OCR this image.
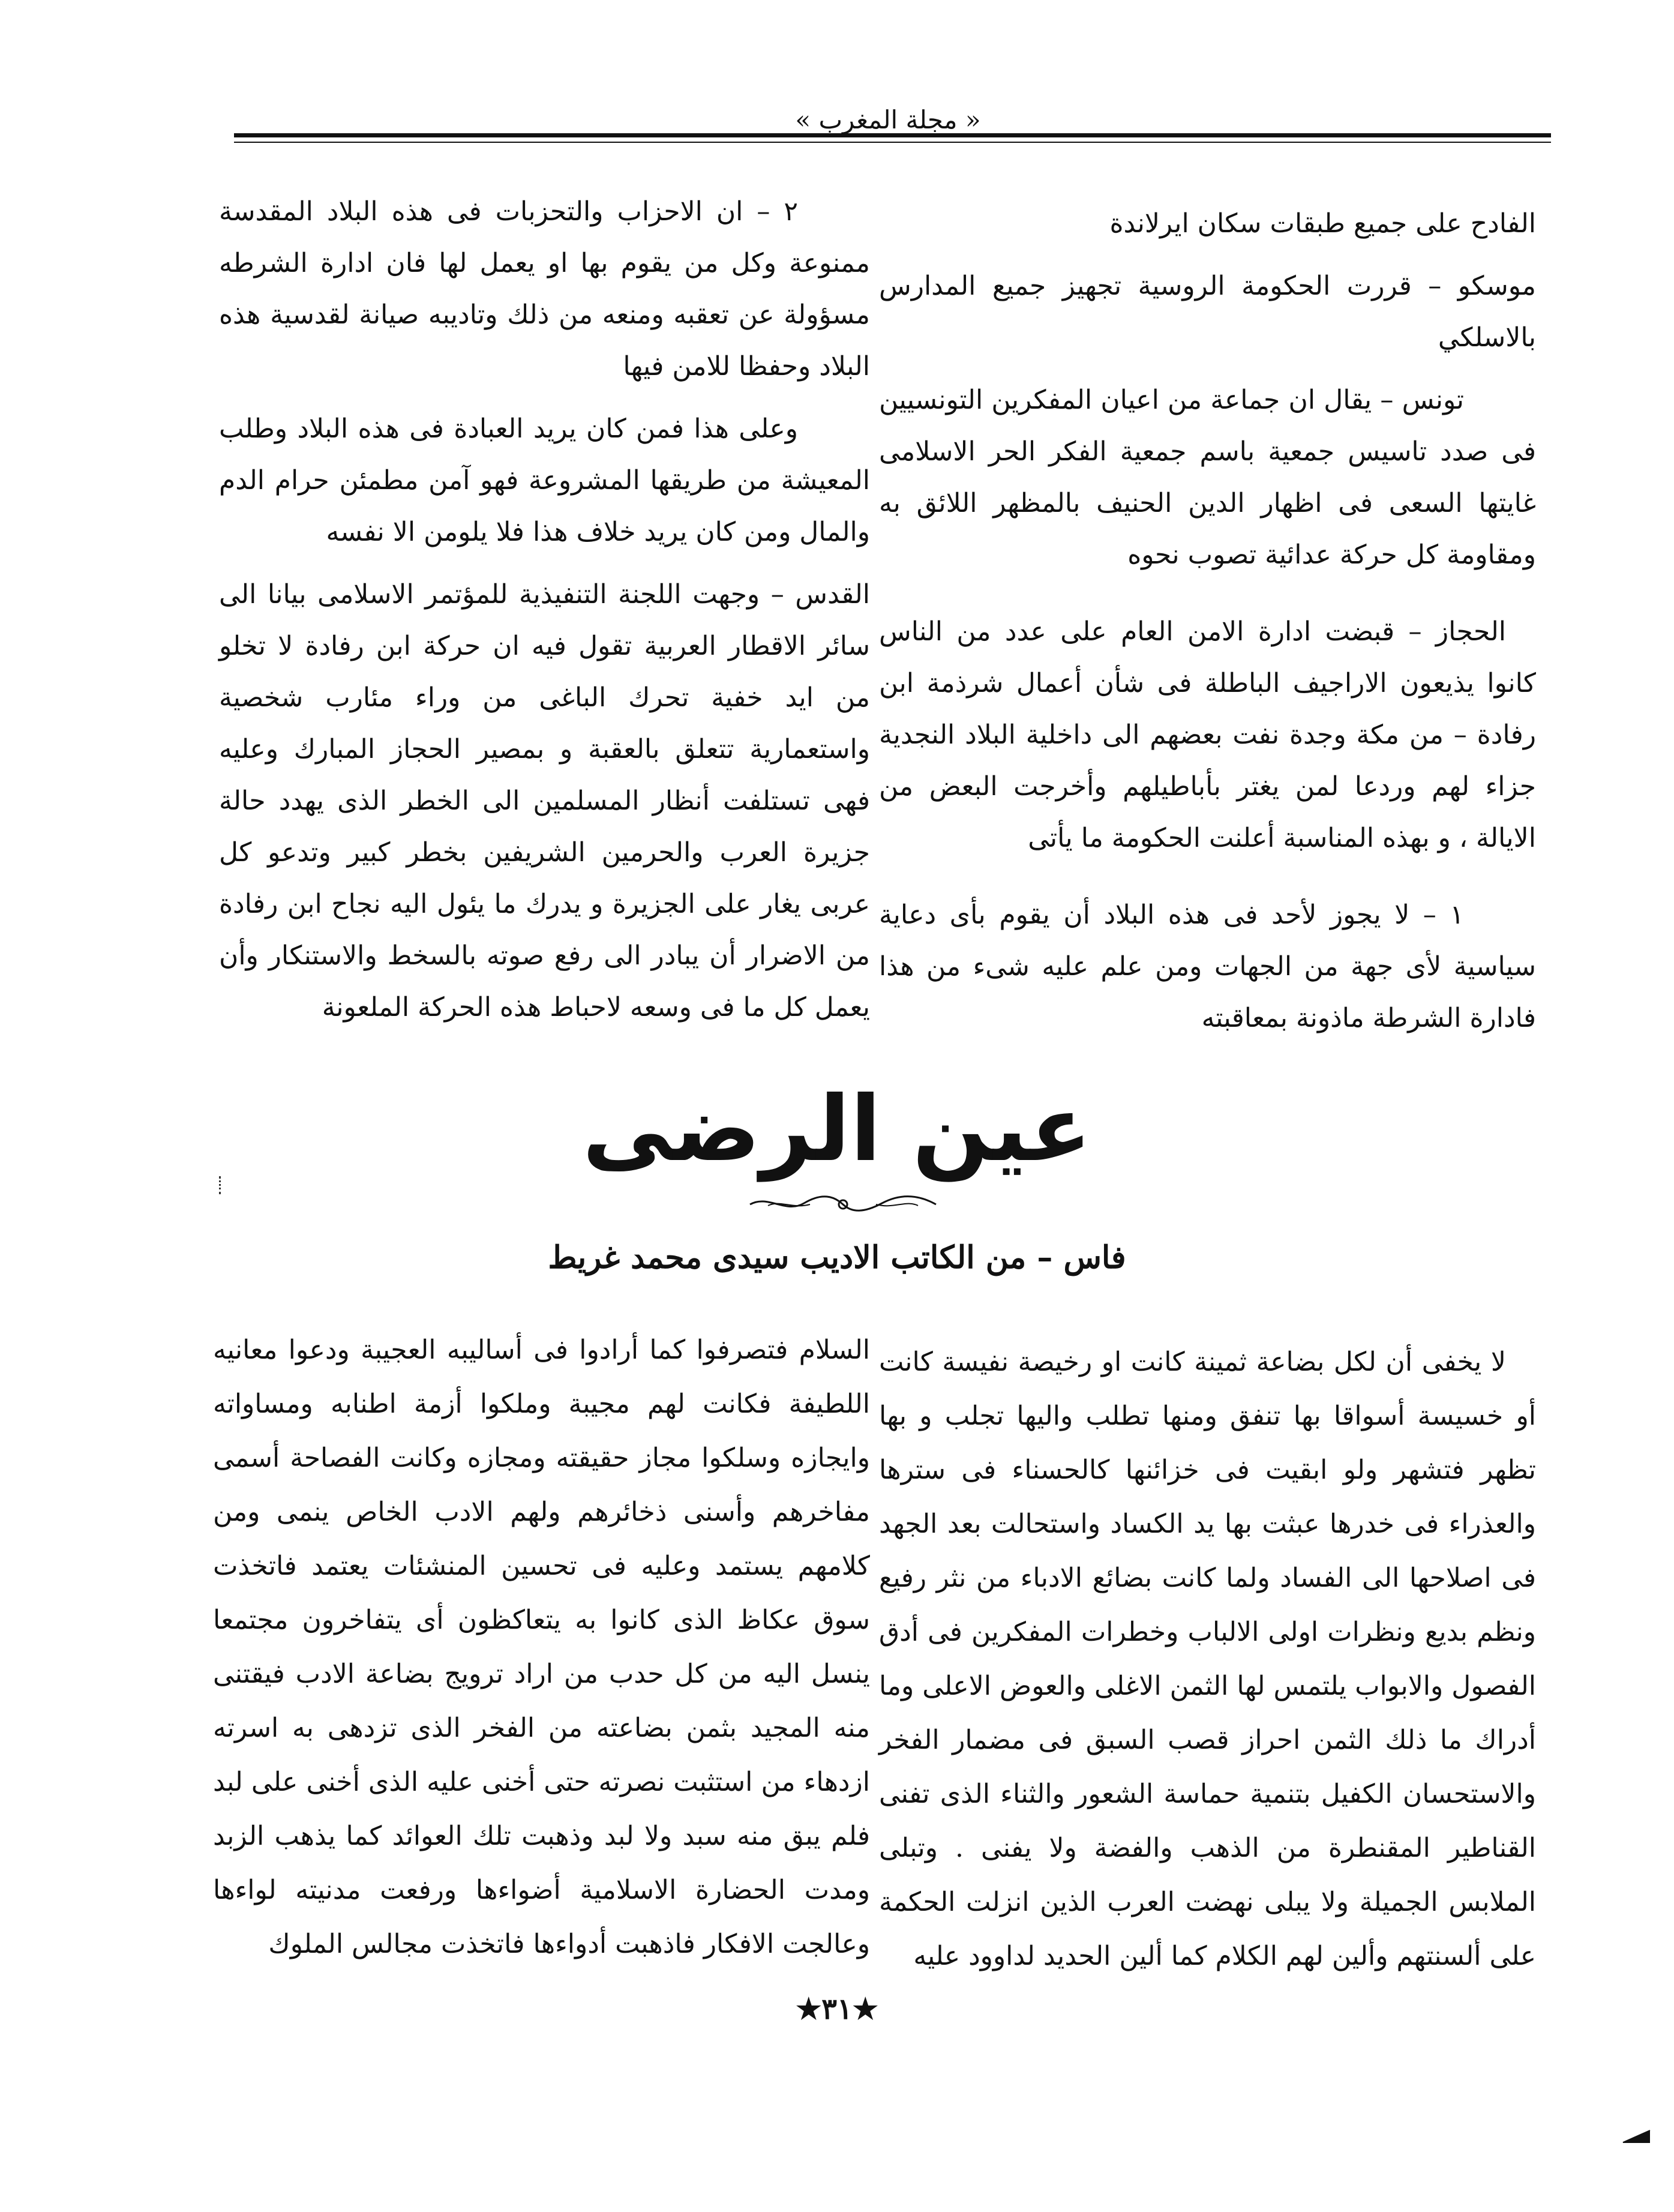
« مجلة المغرب »

الفادح على جميع طبقات سكان ايرلاندة

موسكو – قررت الحكومة الروسية تجهيز جميع المدارس بالاسلكي

تونس – يقال ان جماعة من اعيان المفكرين التونسيين فى صدد تاسيس جمعية باسم جمعية الفكر الحر الاسلامى غايتها السعى فى اظهار الدين الحنيف بالمظهر اللائق به ومقاومة كل حركة عدائية تصوب نحوه

الحجاز – قبضت ادارة الامن العام على عدد من الناس كانوا يذيعون الاراجيف الباطلة فى شأن أعمال شرذمة ابن رفادة – من مكة وجدة نفت بعضهم الى داخلية البلاد النجدية جزاء لهم وردعا لمن يغتر بأباطيلهم وأخرجت البعض من الايالة ، و بهذه المناسبة أعلنت الحكومة ما يأتى

١ – لا يجوز لأحد فى هذه البلاد أن يقوم بأى دعاية سياسية لأى جهة من الجهات ومن علم عليه شىء من هذا فادارة الشرطة ماذونة بمعاقبته

٢ – ان الاحزاب والتحزبات فى هذه البلاد المقدسة ممنوعة وكل من يقوم بها او يعمل لها فان ادارة الشرطه مسؤولة عن تعقبه ومنعه من ذلك وتاديبه صيانة لقدسية هذه البلاد وحفظا للامن فيها

وعلى هذا فمن كان يريد العبادة فى هذه البلاد وطلب المعيشة من طريقها المشروعة فهو آمن مطمئن حرام الدم والمال ومن كان يريد خلاف هذا فلا يلومن الا نفسه

القدس – وجهت اللجنة التنفيذية للمؤتمر الاسلامى بيانا الى سائر الاقطار العربية تقول فيه ان حركة ابن رفادة لا تخلو من ايد خفية تحرك الباغى من وراء مئارب شخصية واستعمارية تتعلق بالعقبة و بمصير الحجاز المبارك وعليه فهى تستلفت أنظار المسلمين الى الخطر الذى يهدد حالة جزيرة العرب والحرمين الشريفين بخطر كبير وتدعو كل عربى يغار على الجزيرة و يدرك ما يئول اليه نجاح ابن رفادة من الاضرار أن يبادر الى رفع صوته بالسخط والاستنكار وأن يعمل كل ما فى وسعه لاحباط هذه الحركة الملعونة

عين الرضى
فاس – من الكاتب الاديب سيدى محمد غريط

لا يخفى أن لكل بضاعة ثمينة كانت او رخيصة نفيسة كانت أو خسيسة أسواقا بها تنفق ومنها تطلب واليها تجلب و بها تظهر فتشهر ولو ابقيت فى خزائنها كالحسناء فى سترها والعذراء فى خدرها عبثت بها يد الكساد واستحالت بعد الجهد فى اصلاحها الى الفساد ولما كانت بضائع الادباء من نثر رفيع ونظم بديع ونظرات اولى الالباب وخطرات المفكرين فى أدق الفصول والابواب يلتمس لها الثمن الاغلى والعوض الاعلى وما أدراك ما ذلك الثمن احراز قصب السبق فى مضمار الفخر والاستحسان الكفيل بتنمية حماسة الشعور والثناء الذى تفنى القناطير المقنطرة من الذهب والفضة ولا يفنى . وتبلى الملابس الجميلة ولا يبلى نهضت العرب الذين انزلت الحكمة على ألسنتهم وألين لهم الكلام كما ألين الحديد لداوود عليه

السلام فتصرفوا كما أرادوا فى أساليبه العجيبة ودعوا معانيه اللطيفة فكانت لهم مجيبة وملكوا أزمة اطنابه ومساواته وايجازه وسلكوا مجاز حقيقته ومجازه وكانت الفصاحة أسمى مفاخرهم وأسنى ذخائرهم ولهم الادب الخاص ينمى ومن كلامهم يستمد وعليه فى تحسين المنشئات يعتمد فاتخذت سوق عكاظ الذى كانوا به يتعاكظون أى يتفاخرون مجتمعا ينسل اليه من كل حدب من اراد ترويج بضاعة الادب فيقتنى منه المجيد بثمن بضاعته من الفخر الذى تزدهى به اسرته ازدهاء من استثبت نصرته حتى أخنى عليه الذى أخنى على لبد فلم يبق منه سبد ولا لبد وذهبت تلك العوائد كما يذهب الزبد ومدت الحضارة الاسلامية أضواءها ورفعت مدنيته لواءها وعالجت الافكار فاذهبت أدواءها فاتخذت مجالس الملوك

★٣١★
